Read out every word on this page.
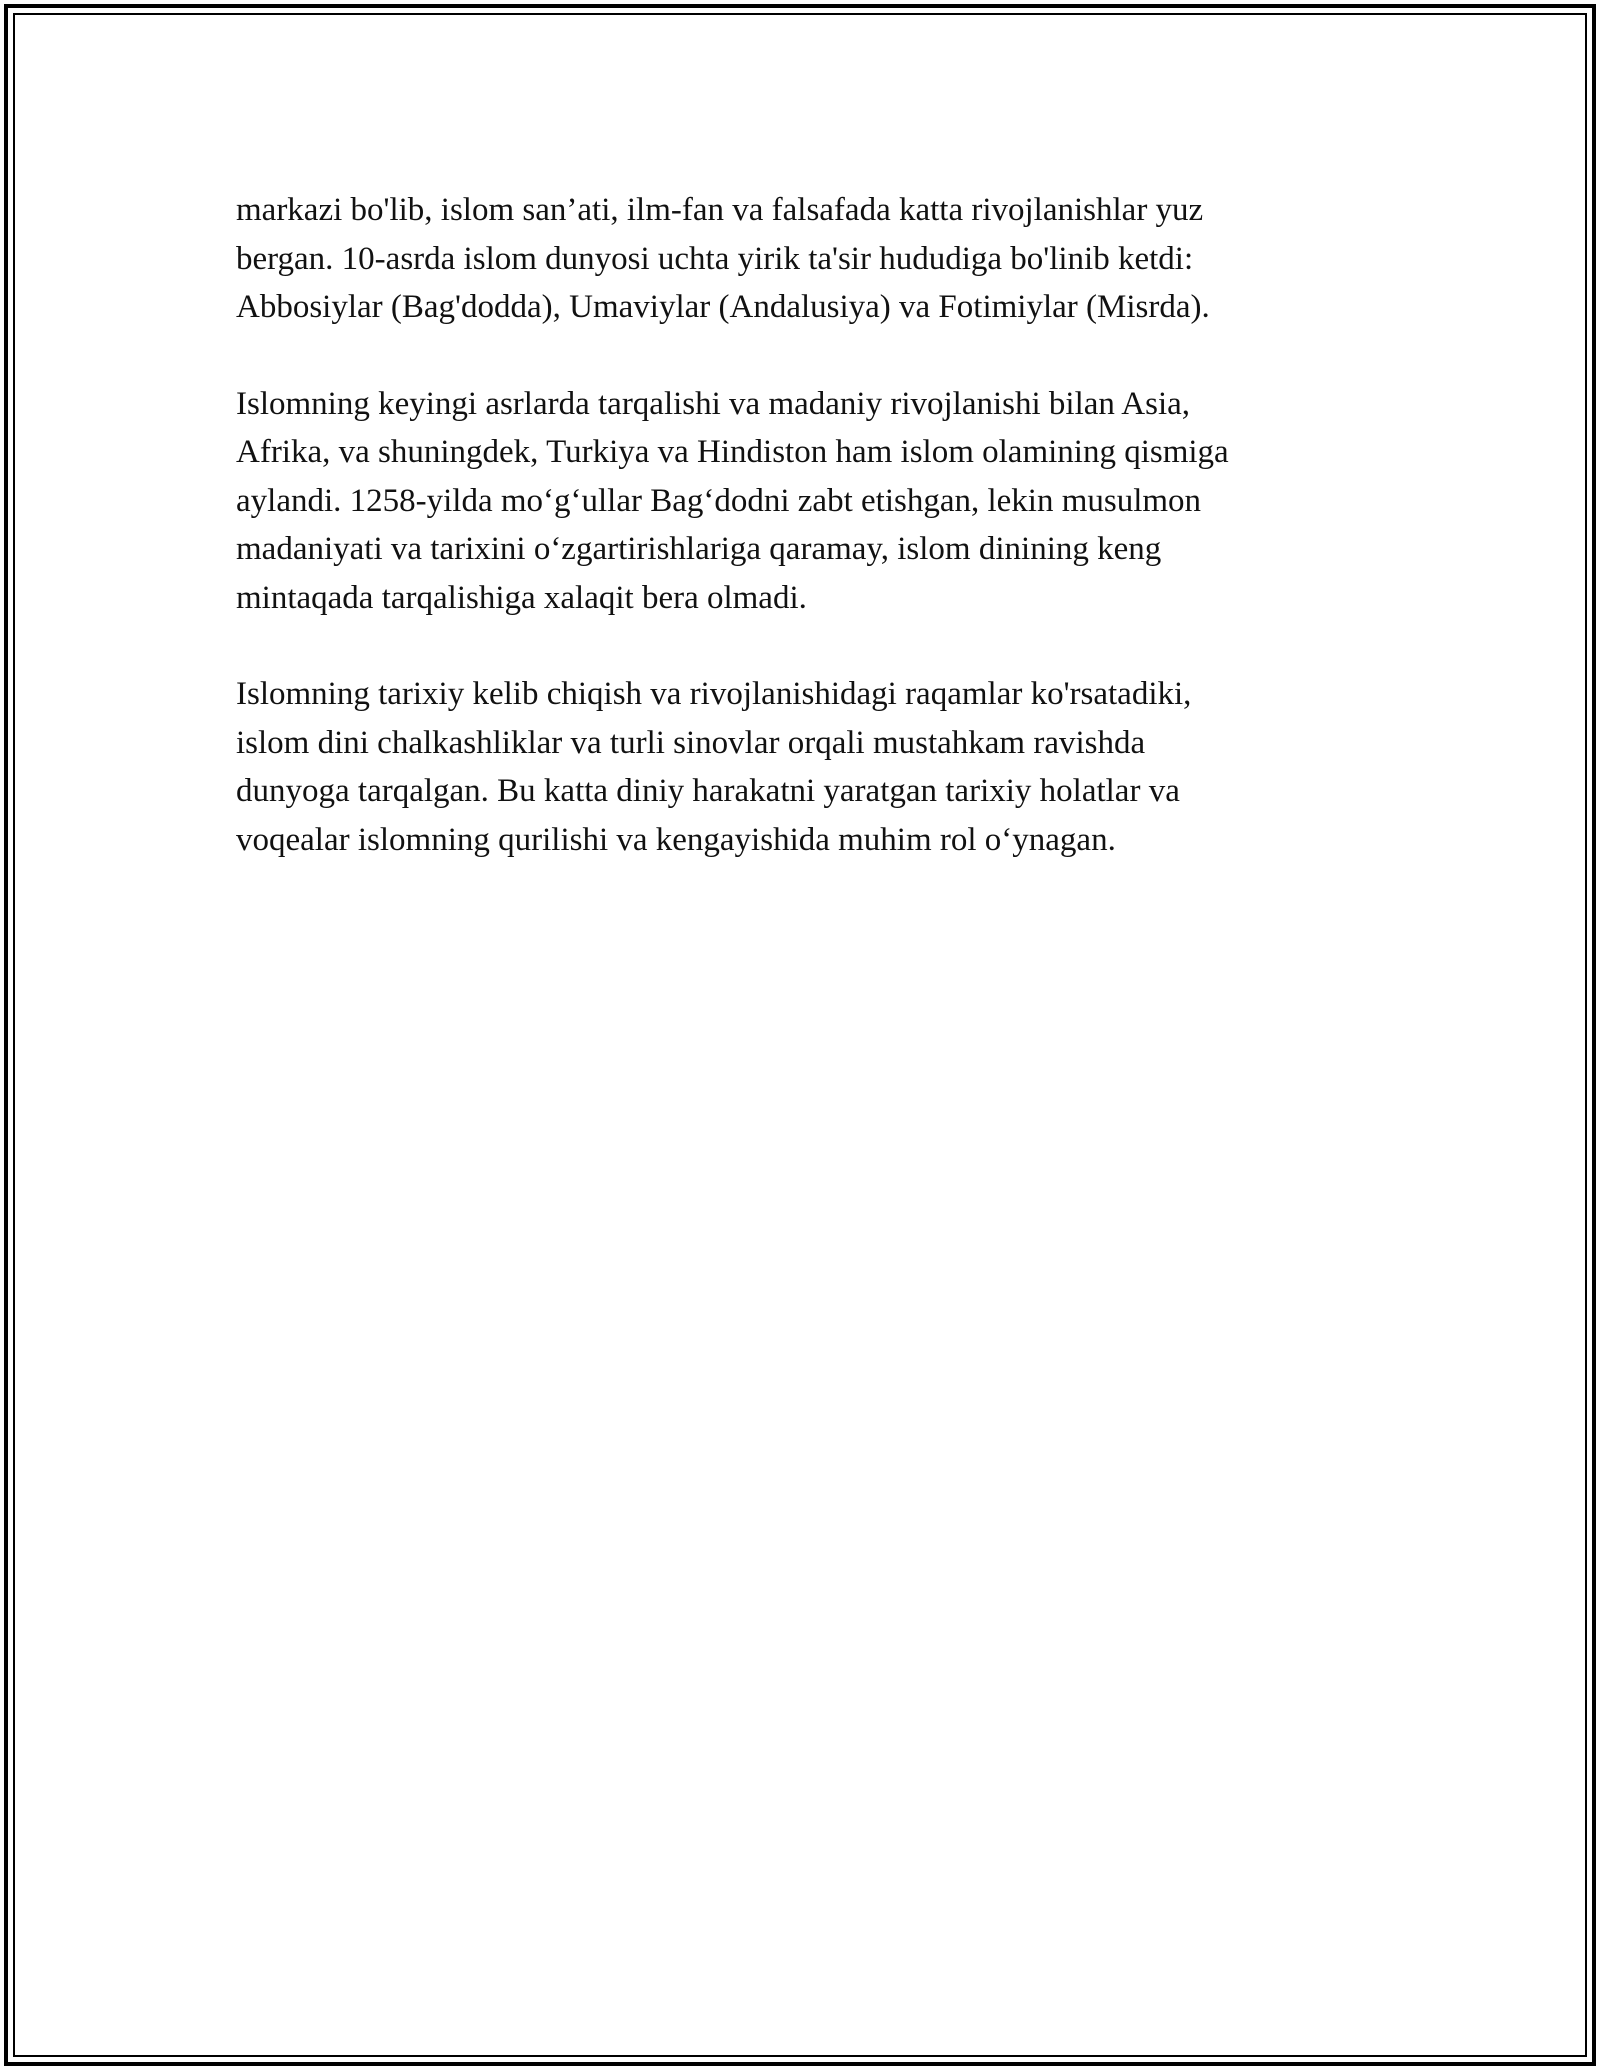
markazi bo'lib, islom san’ati, ilm-fan va falsafada katta rivojlanishlar yuz
bergan. 10-asrda islom dunyosi uchta yirik ta'sir hududiga bo'linib ketdi:
Abbosiylar (Bag'dodda), Umaviylar (Andalusiya) va Fotimiylar (Misrda).

Islomning keyingi asrlarda tarqalishi va madaniy rivojlanishi bilan Asia,
Afrika, va shuningdek, Turkiya va Hindiston ham islom olamining qismiga
aylandi. 1258-yilda mo‘g‘ullar Bag‘dodni zabt etishgan, lekin musulmon
madaniyati va tarixini o‘zgartirishlariga qaramay, islom dinining keng
mintaqada tarqalishiga xalaqit bera olmadi.

Islomning tarixiy kelib chiqish va rivojlanishidagi raqamlar ko'rsatadiki,
islom dini chalkashliklar va turli sinovlar orqali mustahkam ravishda
dunyoga tarqalgan. Bu katta diniy harakatni yaratgan tarixiy holatlar va
voqealar islomning qurilishi va kengayishida muhim rol o‘ynagan.
